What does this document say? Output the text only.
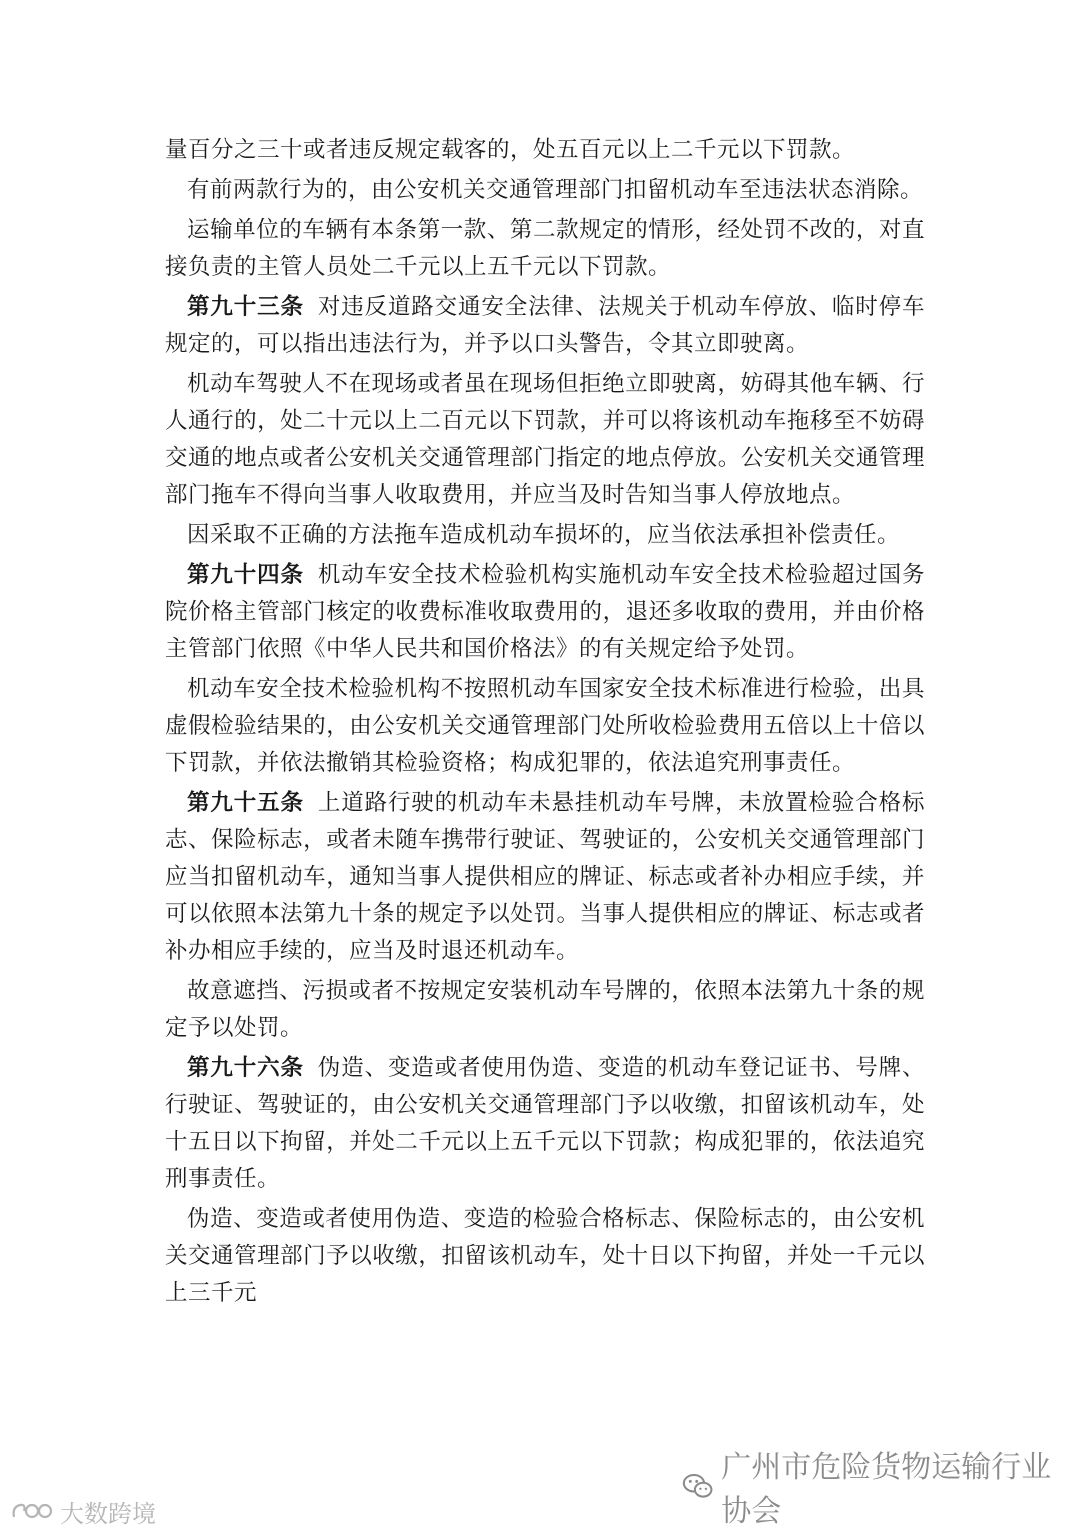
量百分之三十或者违反规定载客的，处五百元以上二千元以下罚款。

有前两款行为的，由公安机关交通管理部门扣留机动车至违法状态消除。

运输单位的车辆有本条第一款、第二款规定的情形，经处罚不改的，对直接负责的主管人员处二千元以上五千元以下罚款。

第九十三条 对违反道路交通安全法律、法规关于机动车停放、临时停车规定的，可以指出违法行为，并予以口头警告，令其立即驶离。

机动车驾驶人不在现场或者虽在现场但拒绝立即驶离，妨碍其他车辆、行人通行的，处二十元以上二百元以下罚款，并可以将该机动车拖移至不妨碍交通的地点或者公安机关交通管理部门指定的地点停放。公安机关交通管理部门拖车不得向当事人收取费用，并应当及时告知当事人停放地点。

因采取不正确的方法拖车造成机动车损坏的，应当依法承担补偿责任。

第九十四条 机动车安全技术检验机构实施机动车安全技术检验超过国务院价格主管部门核定的收费标准收取费用的，退还多收取的费用，并由价格主管部门依照《中华人民共和国价格法》的有关规定给予处罚。

机动车安全技术检验机构不按照机动车国家安全技术标准进行检验，出具虚假检验结果的，由公安机关交通管理部门处所收检验费用五倍以上十倍以下罚款，并依法撤销其检验资格；构成犯罪的，依法追究刑事责任。

第九十五条 上道路行驶的机动车未悬挂机动车号牌，未放置检验合格标志、保险标志，或者未随车携带行驶证、驾驶证的，公安机关交通管理部门应当扣留机动车，通知当事人提供相应的牌证、标志或者补办相应手续，并可以依照本法第九十条的规定予以处罚。当事人提供相应的牌证、标志或者补办相应手续的，应当及时退还机动车。

故意遮挡、污损或者不按规定安装机动车号牌的，依照本法第九十条的规定予以处罚。

第九十六条 伪造、变造或者使用伪造、变造的机动车登记证书、号牌、行驶证、驾驶证的，由公安机关交通管理部门予以收缴，扣留该机动车，处十五日以下拘留，并处二千元以上五千元以下罚款；构成犯罪的，依法追究刑事责任。

伪造、变造或者使用伪造、变造的检验合格标志、保险标志的，由公安机关交通管理部门予以收缴，扣留该机动车，处十日以下拘留，并处一千元以上三千元

广州市危险货物运输行业协会
大数跨境
